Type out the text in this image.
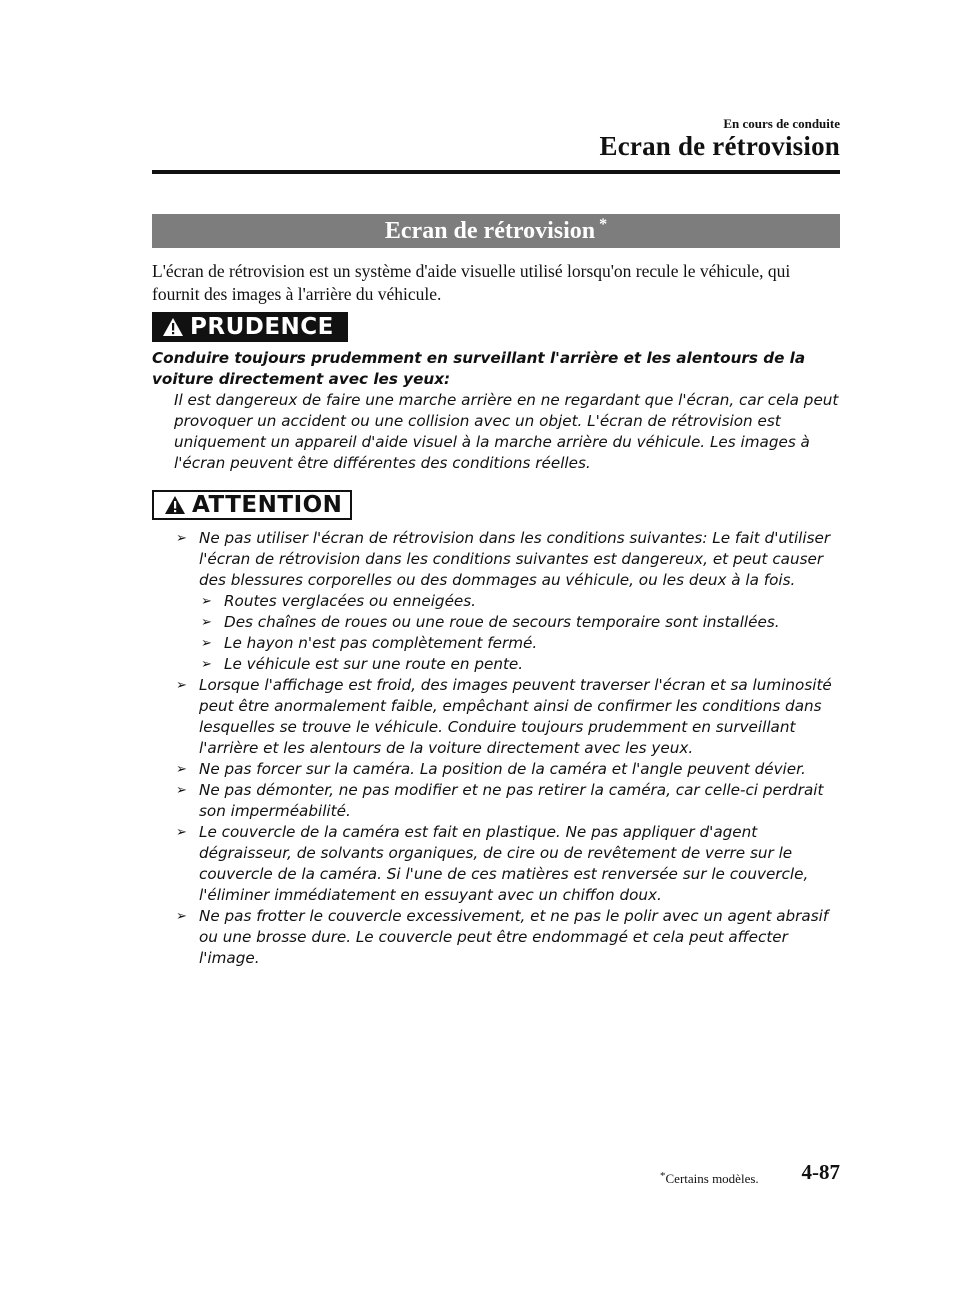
En cours de conduite
Ecran de rétrovision
Ecran de rétrovision *
L'écran de rétrovision est un système d'aide visuelle utilisé lorsqu'on recule le véhicule, qui fournit des images à l'arrière du véhicule.
PRUDENCE
Conduire toujours prudemment en surveillant l'arrière et les alentours de la voiture directement avec les yeux:
Il est dangereux de faire une marche arrière en ne regardant que l'écran, car cela peut provoquer un accident ou une collision avec un objet. L'écran de rétrovision est uniquement un appareil d'aide visuel à la marche arrière du véhicule. Les images à l'écran peuvent être différentes des conditions réelles.
ATTENTION
➢ Ne pas utiliser l'écran de rétrovision dans les conditions suivantes: Le fait d'utiliser l'écran de rétrovision dans les conditions suivantes est dangereux, et peut causer des blessures corporelles ou des dommages au véhicule, ou les deux à la fois.
➢ Routes verglacées ou enneigées.
➢ Des chaînes de roues ou une roue de secours temporaire sont installées.
➢ Le hayon n'est pas complètement fermé.
➢ Le véhicule est sur une route en pente.
➢ Lorsque l'affichage est froid, des images peuvent traverser l'écran et sa luminosité peut être anormalement faible, empêchant ainsi de confirmer les conditions dans lesquelles se trouve le véhicule. Conduire toujours prudemment en surveillant l'arrière et les alentours de la voiture directement avec les yeux.
➢ Ne pas forcer sur la caméra. La position de la caméra et l'angle peuvent dévier.
➢ Ne pas démonter, ne pas modifier et ne pas retirer la caméra, car celle-ci perdrait son imperméabilité.
➢ Le couvercle de la caméra est fait en plastique. Ne pas appliquer d'agent dégraisseur, de solvants organiques, de cire ou de revêtement de verre sur le couvercle de la caméra. Si l'une de ces matières est renversée sur le couvercle, l'éliminer immédiatement en essuyant avec un chiffon doux.
➢ Ne pas frotter le couvercle excessivement, et ne pas le polir avec un agent abrasif ou une brosse dure. Le couvercle peut être endommagé et cela peut affecter l'image.
*Certains modèles. 4-87
